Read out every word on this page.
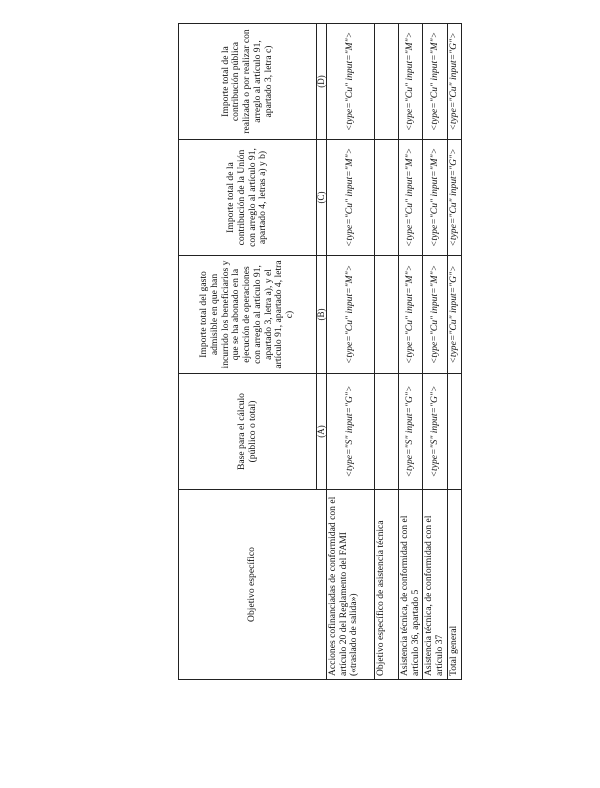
Objetivo específico	Base para el cálculo (público o total)	Importe total del gasto admisible en que han incurrido los beneficiarios y que se ha abonado en la ejecución de operaciones con arreglo al artículo 91, apartado 3, letra a), y el artículo 91, apartado 4, letra c)	Importe total de la contribución de la Unión con arreglo al artículo 91, apartado 4, letras a) y b)	Importe total de la contribución pública realizada o por realizar con arreglo al artículo 91, apartado 3, letra c)
	(A)	(B)	(C)	(D)
Acciones cofinanciadas de conformidad con el artículo 20 del Reglamento del FAMI («traslado de salida»)	<type="S" input="G">	<type="Cu" input="M">	<type="Cu" input="M">	<type="Cu" input="M">
Objetivo específico de asistencia técnica				
Asistencia técnica, de conformidad con el artículo 36, apartado 5	<type="S" input="G">	<type="Cu" input="M">	<type="Cu" input="M">	<type="Cu" input="M">
Asistencia técnica, de conformidad con el artículo 37	<type="S" input="G">	<type="Cu" input="M">	<type="Cu" input="M">	<type="Cu" input="M">
Total general		<type="Cu" input="G">	<type="Cu" input="G">	<type="Cu" input="G">
